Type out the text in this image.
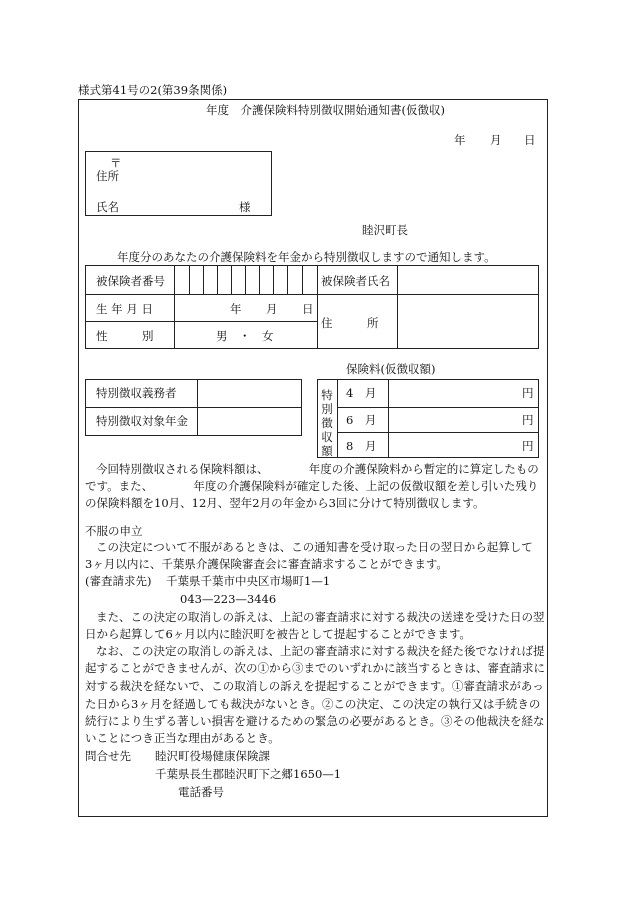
様式第41号の2(第39条関係)
年度　介護保険料特別徴収開始通知書(仮徴収)
年 月 日
〒
住所
氏名	様
睦沢町長
年度分のあなたの介護保険料を年金から特別徴収しますので通知します。
被保険者番号	被保険者氏名
生 年 月 日	年 月 日
性　　　別	男　・　女
住　　　所
保険料(仮徴収額)
特別徴収義務者
特別徴収対象年金
特別徴収額
4　月	円
6　月	円
8　月	円
今回特別徴収される保険料額は、　　　　年度の介護保険料から暫定的に算定したもの
です。また、　　　　年度の介護保険料が確定した後、上記の仮徴収額を差し引いた残り
の保険料額を10月、12月、翌年2月の年金から3回に分けて特別徴収します。
不服の申立
この決定について不服があるときは、この通知書を受け取った日の翌日から起算して
3ヶ月以内に、千葉県介護保険審査会に審査請求することができます。
(審査請求先) 千葉県千葉市中央区市場町1—1
043—223—3446
また、この決定の取消しの訴えは、上記の審査請求に対する裁決の送達を受けた日の翌
日から起算して6ヶ月以内に睦沢町を被告として提起することができます。
なお、この決定の取消しの訴えは、上記の審査請求に対する裁決を経た後でなければ提
起することができませんが、次の①から③までのいずれかに該当するときは、審査請求に
対する裁決を経ないで、この取消しの訴えを提起することができます。①審査請求があっ
た日から3ヶ月を経過しても裁決がないとき。②この決定、この決定の執行又は手続きの
続行により生ずる著しい損害を避けるための緊急の必要があるとき。③その他裁決を経な
いことにつき正当な理由があるとき。
問合せ先 睦沢町役場健康保険課
千葉県長生郡睦沢町下之郷1650—1
電話番号
